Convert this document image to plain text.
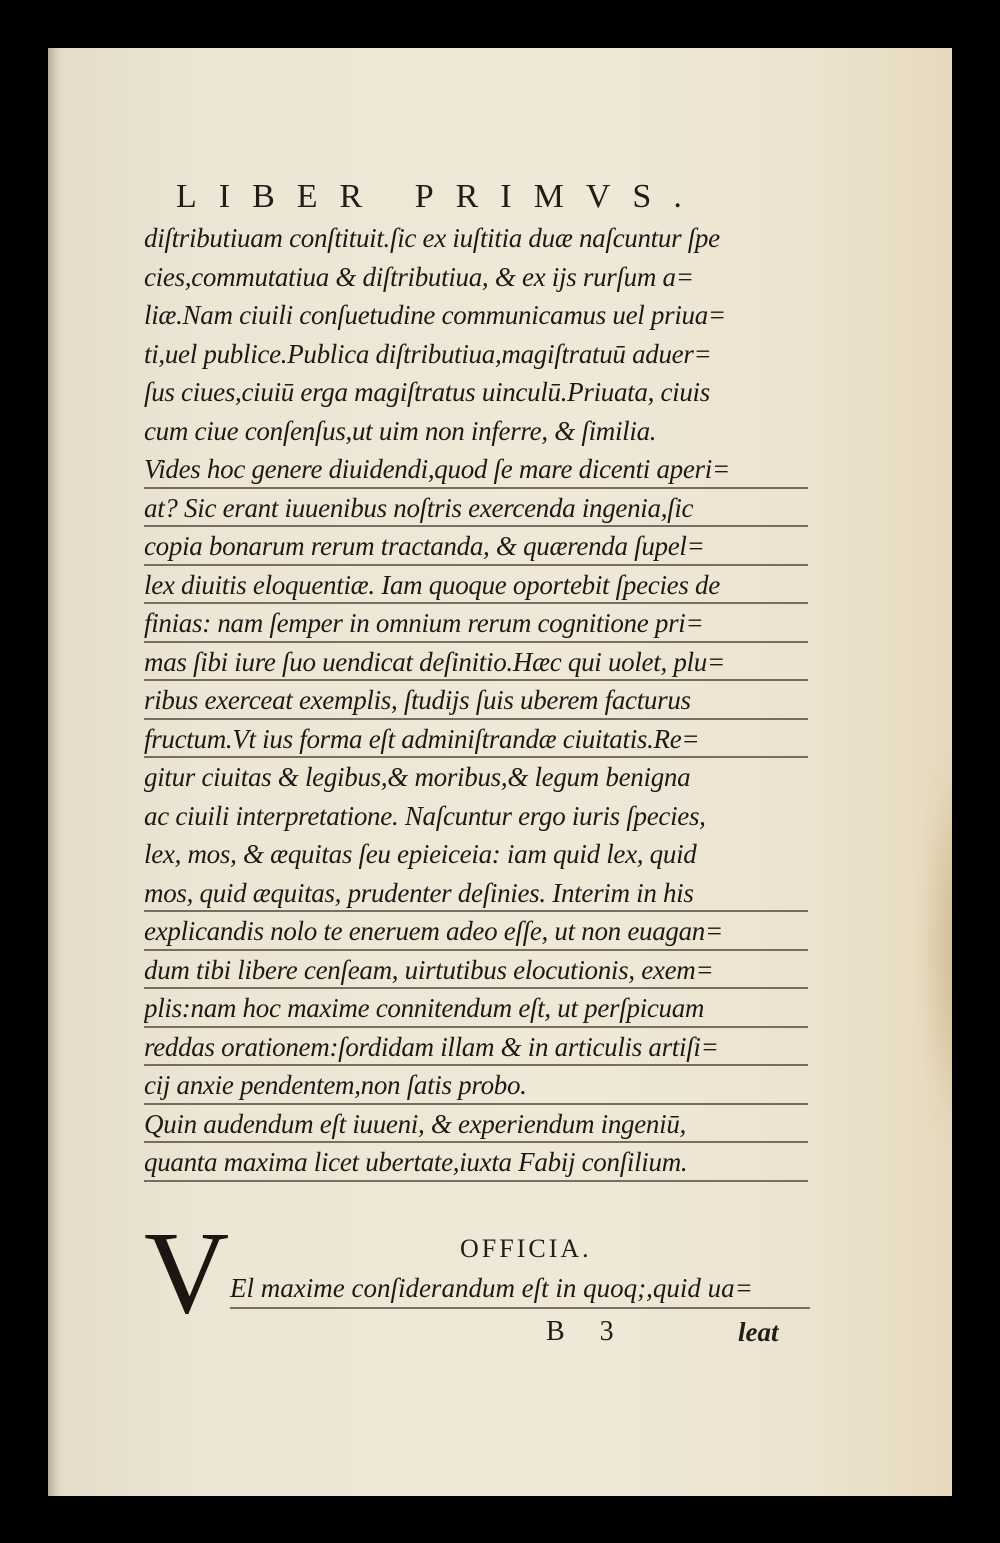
LIBER PRIMVS.
diſtributiuam conſtituit.ſic ex iuſtitia duæ naſcuntur ſpe
cies,commutatiua & diſtributiua, & ex ijs rurſum a=
liæ.Nam ciuili conſuetudine communicamus uel priua=
ti,uel publice.Publica diſtributiua,magiſtratuū aduer=
ſus ciues,ciuiū erga magiſtratus uinculū.Priuata, ciuis
cum ciue conſenſus,ut uim non inferre, & ſimilia.
Vides hoc genere diuidendi,quod ſe mare dicenti aperi=
at? Sic erant iuuenibus noſtris exercenda ingenia,ſic
copia bonarum rerum tractanda, & quærenda ſupel=
lex diuitis eloquentiæ. Iam quoque oportebit ſpecies de
finias: nam ſemper in omnium rerum cognitione pri=
mas ſibi iure ſuo uendicat deſinitio.Hæc qui uolet, plu=
ribus exerceat exemplis, ſtudijs ſuis uberem facturus
fructum.Vt ius forma eſt adminiſtrandæ ciuitatis.Re=
gitur ciuitas & legibus,& moribus,& legum benigna
ac ciuili interpretatione. Naſcuntur ergo iuris ſpecies,
lex, mos, & æquitas ſeu epieiceia: iam quid lex, quid
mos, quid æquitas, prudenter deſinies. Interim in his
explicandis nolo te eneruem adeo eſſe, ut non euagan=
dum tibi libere cenſeam, uirtutibus elocutionis, exem=
plis:nam hoc maxime connitendum eſt, ut perſpicuam
reddas orationem:ſordidam illam & in articulis artiſi=
cij anxie pendentem,non ſatis probo.
Quin audendum eſt iuueni, & experiendum ingeniū,
quanta maxima licet ubertate,iuxta Fabij conſilium.
OFFICIA.
V El maxime conſiderandum eſt in quoq;,quid ua=
B 3	leat
